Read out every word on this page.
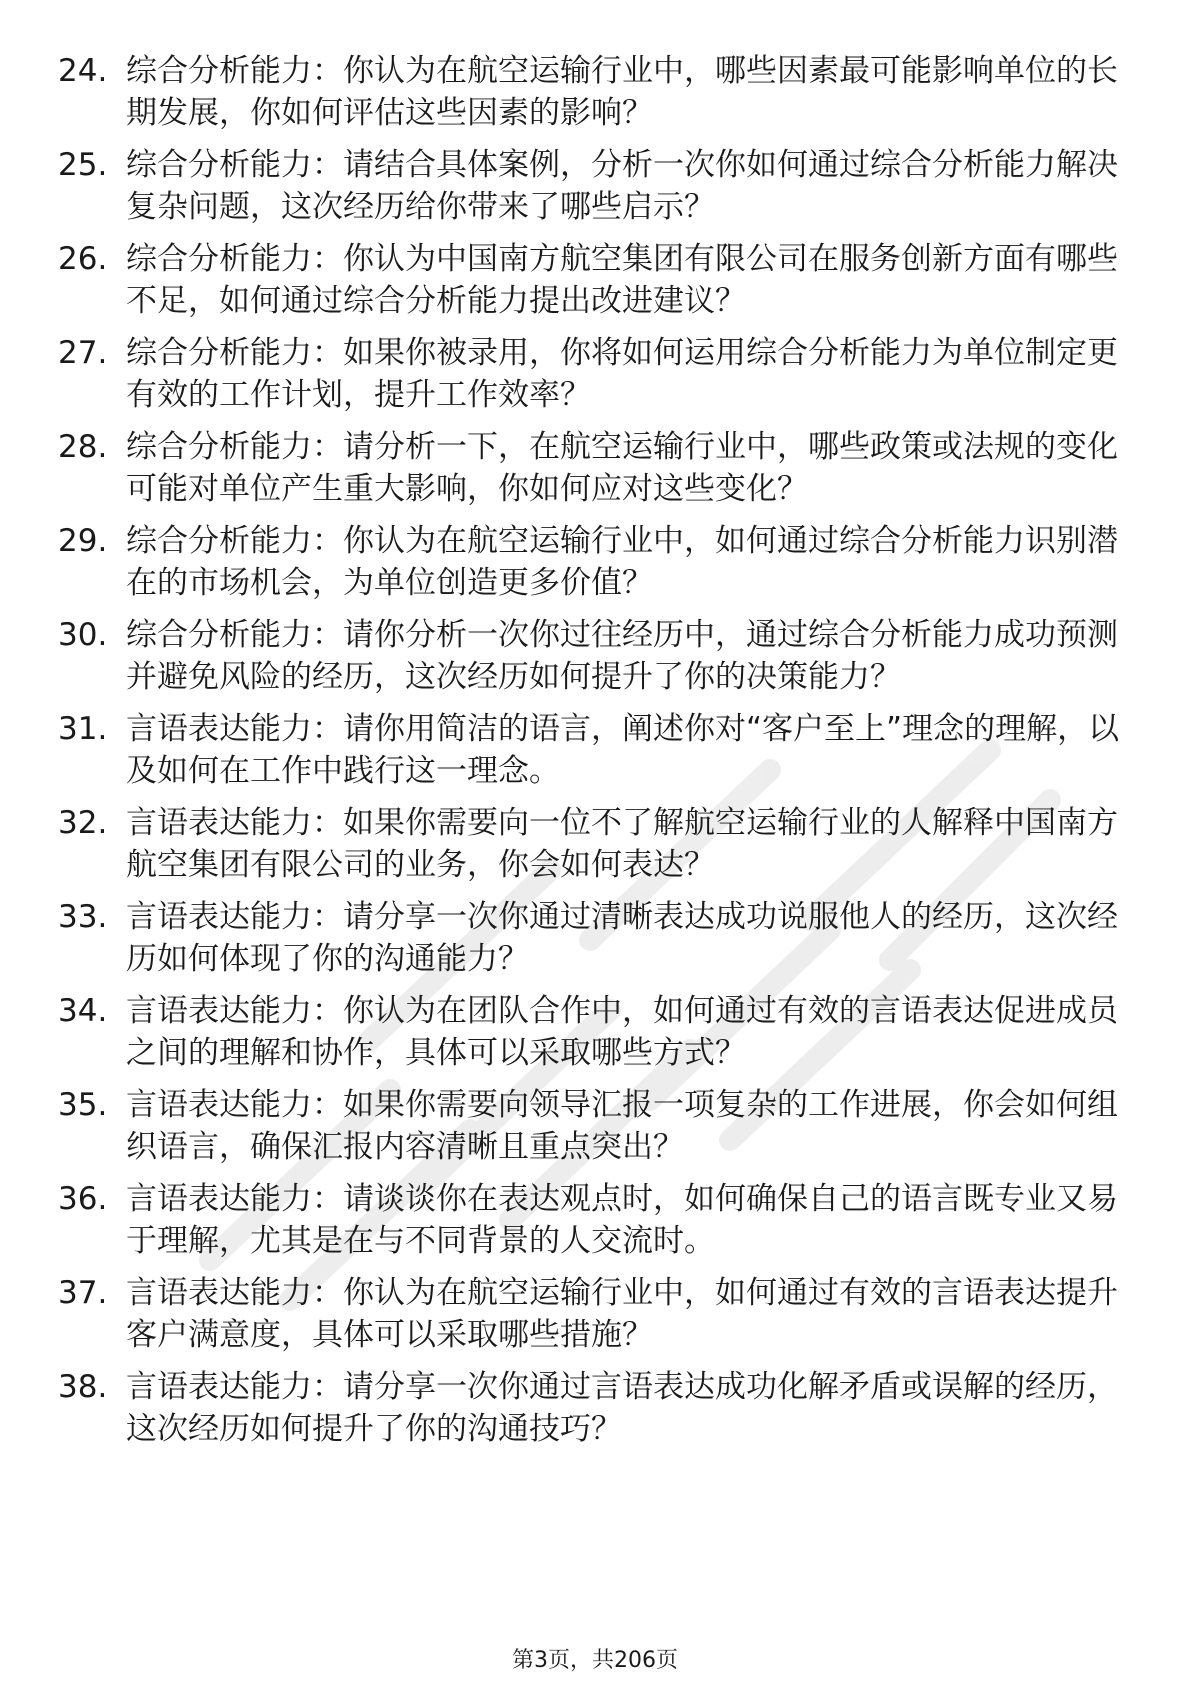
24. 综合分析能力：你认为在航空运输行业中，哪些因素最可能影响单位的长期发展，你如何评估这些因素的影响？
25. 综合分析能力：请结合具体案例，分析一次你如何通过综合分析能力解决复杂问题，这次经历给你带来了哪些启示？
26. 综合分析能力：你认为中国南方航空集团有限公司在服务创新方面有哪些不足，如何通过综合分析能力提出改进建议？
27. 综合分析能力：如果你被录用，你将如何运用综合分析能力为单位制定更有效的工作计划，提升工作效率？
28. 综合分析能力：请分析一下，在航空运输行业中，哪些政策或法规的变化可能对单位产生重大影响，你如何应对这些变化？
29. 综合分析能力：你认为在航空运输行业中，如何通过综合分析能力识别潜在的市场机会，为单位创造更多价值？
30. 综合分析能力：请你分析一次你过往经历中，通过综合分析能力成功预测并避免风险的经历，这次经历如何提升了你的决策能力？
31. 言语表达能力：请你用简洁的语言，阐述你对“客户至上”理念的理解，以及如何在工作中践行这一理念。
32. 言语表达能力：如果你需要向一位不了解航空运输行业的人解释中国南方航空集团有限公司的业务，你会如何表达？
33. 言语表达能力：请分享一次你通过清晰表达成功说服他人的经历，这次经历如何体现了你的沟通能力？
34. 言语表达能力：你认为在团队合作中，如何通过有效的言语表达促进成员之间的理解和协作，具体可以采取哪些方式？
35. 言语表达能力：如果你需要向领导汇报一项复杂的工作进展，你会如何组织语言，确保汇报内容清晰且重点突出？
36. 言语表达能力：请谈谈你在表达观点时，如何确保自己的语言既专业又易于理解，尤其是在与不同背景的人交流时。
37. 言语表达能力：你认为在航空运输行业中，如何通过有效的言语表达提升客户满意度，具体可以采取哪些措施？
38. 言语表达能力：请分享一次你通过言语表达成功化解矛盾或误解的经历，这次经历如何提升了你的沟通技巧？
第3页，共206页
